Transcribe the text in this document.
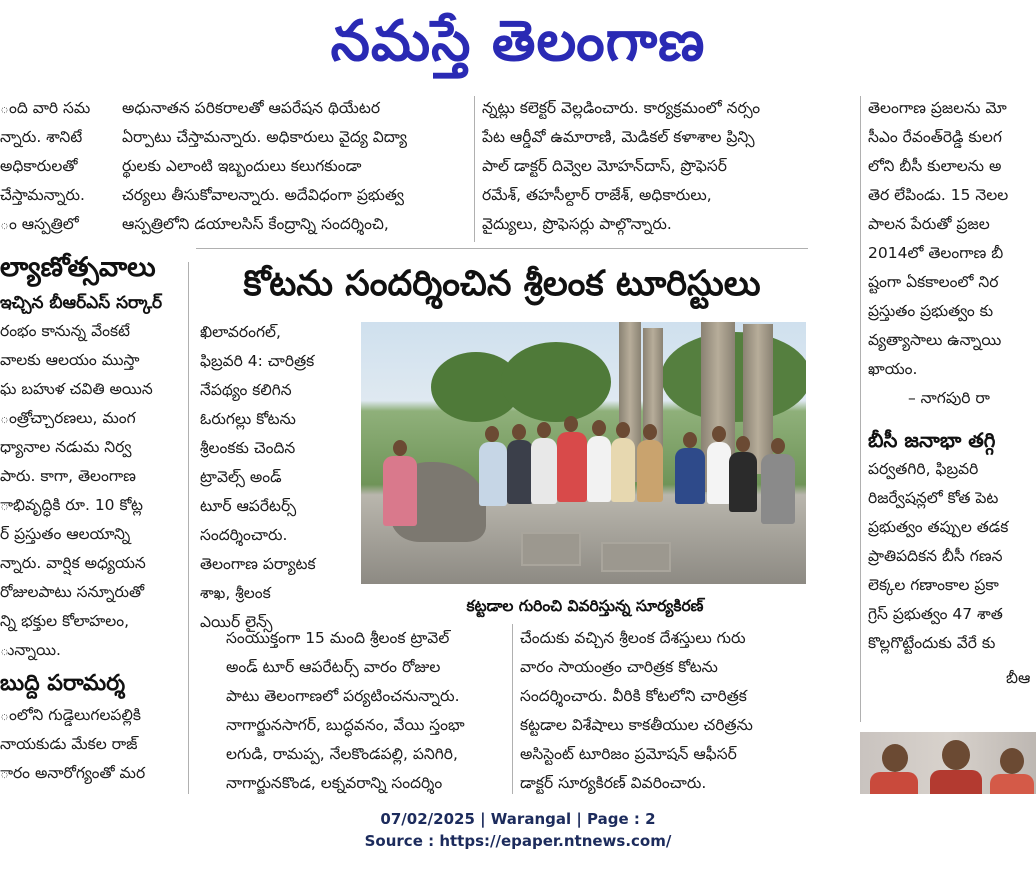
నమస్తే తెలంగాణ

ంది వారి సమ

న్నారు. శానిటే

అధికారులతో

చేస్తామన్నారు.

ం ఆస్పత్రిలో

ల్యాణోత్సవాలు
ఇచ్చిన బీఆర్ఎస్ సర్కార్

రంభం కానున్న వేంకటే

వాలకు ఆలయం ముస్తా

ఘ బహుళ చవితి అయిన

ంత్రోచ్చారణలు, మంగ

ధ్యానాల నడుమ నిర్వ

పారు. కాగా, తెలంగాణ

ాభివృద్ధికి రూ. 10 కోట్ల

ర్ ప్రస్తుతం ఆలయాన్ని

న్నారు. వార్షిక అధ్యయన

రోజులపాటు సన్నూరుతో

న్ని భక్తుల కోలాహలం,

ున్నాయి.

బుద్ది పరామర్శ

ంలోని గుడ్డెలుగలపల్లికి

నాయకుడు మేకల రాజ్

ారం అనారోగ్యంతో మర

అధునాతన పరికరాలతో ఆపరేషన థియేటర

ఏర్పాటు చేస్తామన్నారు. అధికారులు వైద్య విద్యా

ర్థులకు ఎలాంటి ఇబ్బందులు కలుగకుండా

చర్యలు తీసుకోవాలన్నారు. అదేవిధంగా ప్రభుత్వ

ఆస్పత్రిలోని డయాలసిస్ కేంద్రాన్ని సందర్శించి,

న్నట్లు కలెక్టర్ వెల్లడించారు. కార్యక్రమంలో నర్సం

పేట ఆర్డీవో ఉమారాణి, మెడికల్ కళాశాల ప్రిన్సి

పాల్ డాక్టర్ దివ్వెల మోహన్‌దాస్, ప్రొఫెసర్

రమేశ్, తహసీల్దార్ రాజేశ్, అధికారులు,

వైద్యులు, ప్రొఫెసర్లు పాల్గొన్నారు.

కోటను సందర్శించిన శ్రీలంక టూరిస్టులు

ఖిలావరంగల్,

ఫిబ్రవరి 4: చారిత్రక

నేపథ్యం కలిగిన

ఓరుగల్లు కోటను

శ్రీలంకకు చెందిన

ట్రావెల్స్ అండ్

టూర్ ఆపరేటర్స్

సందర్శించారు.

తెలంగాణ పర్యాటక

శాఖ, శ్రీలంక

ఎయిర్ లైన్స్

కట్టడాల గురించి వివరిస్తున్న సూర్యకిరణ్

సంయుక్తంగా 15 మంది శ్రీలంక ట్రావెల్

అండ్ టూర్ ఆపరేటర్స్ వారం రోజుల

పాటు తెలంగాణలో పర్యటించనున్నారు.

నాగార్జునసాగర్, బుద్ధవనం, వేయి స్తంభా

లగుడి, రామప్ప, నేలకొండపల్లి, పనిగిరి,

నాగార్జునకొండ, లక్నవరాన్ని సందర్శిం

చేందుకు వచ్చిన శ్రీలంక దేశస్తులు గురు

వారం సాయంత్రం చారిత్రక కోటను

సందర్శించారు. వీరికి కోటలోని చారిత్రక

కట్టడాల విశేషాలు కాకతీయుల చరిత్రను

అసిస్టెంట్ టూరిజం ప్రమోషన్ ఆఫీసర్

డాక్టర్ సూర్యకిరణ్ వివరించారు.

తెలంగాణ ప్రజలను మో

సీఎం రేవంత్‌రెడ్డి కులగ

లోని బీసీ కులాలను అ

తెర లేపిండు. 15 నెలల

పాలన పేరుతో ప్రజల

2014లో తెలంగాణ బీ

ష్టంగా ఏకకాలంలో నిర

ప్రస్తుతం ప్రభుత్వం కు

వ్యత్యాసాలు ఉన్నాయి

ఖాయం.

– నాగపురి రా
బీసీ జనాభా తగ్గి

పర్వతగిరి, ఫిబ్రవరి

రిజర్వేషన్లలో కోత పెట

ప్రభుత్వం తప్పుల తడక

ప్రాతిపదికన బీసీ గణన

లెక్కల గణాంకాల ప్రకా

గ్రెస్ ప్రభుత్వం 47 శాత

కొల్లగొట్టేందుకు వేరే కు

బీఆ
07/02/2025 | Warangal | Page : 2
Source : https://epaper.ntnews.com/
